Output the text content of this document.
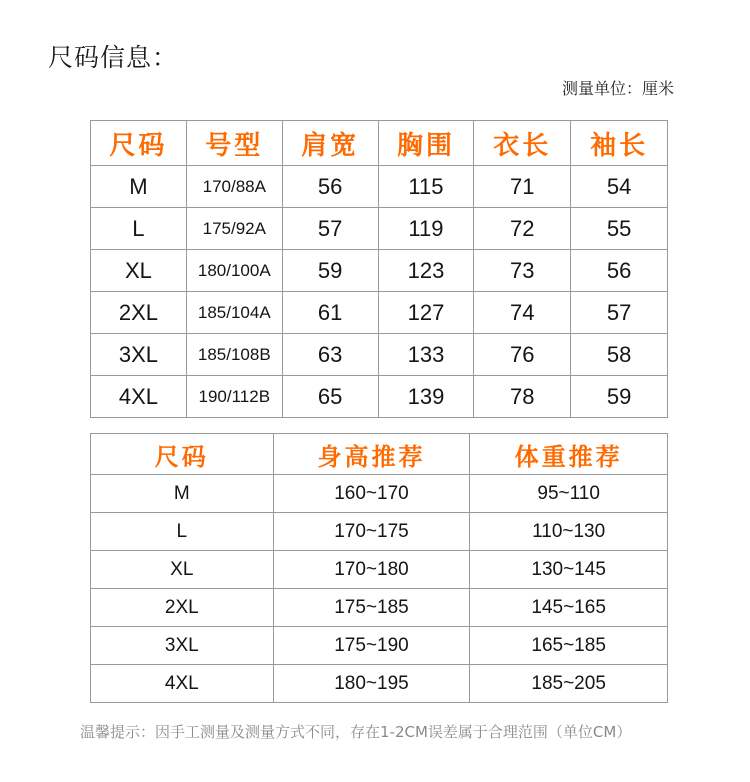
尺码信息：
测量单位：厘米
尺码	号型	肩宽	胸围	衣长	袖长
M	170/88A	56	115	71	54
L	175/92A	57	119	72	55
XL	180/100A	59	123	73	56
2XL	185/104A	61	127	74	57
3XL	185/108B	63	133	76	58
4XL	190/112B	65	139	78	59
尺码	身高推荐	体重推荐
M	160~170	95~110
L	170~175	110~130
XL	170~180	130~145
2XL	175~185	145~165
3XL	175~190	165~185
4XL	180~195	185~205
温馨提示：因手工测量及测量方式不同，存在1-2CM误差属于合理范围（单位CM）
